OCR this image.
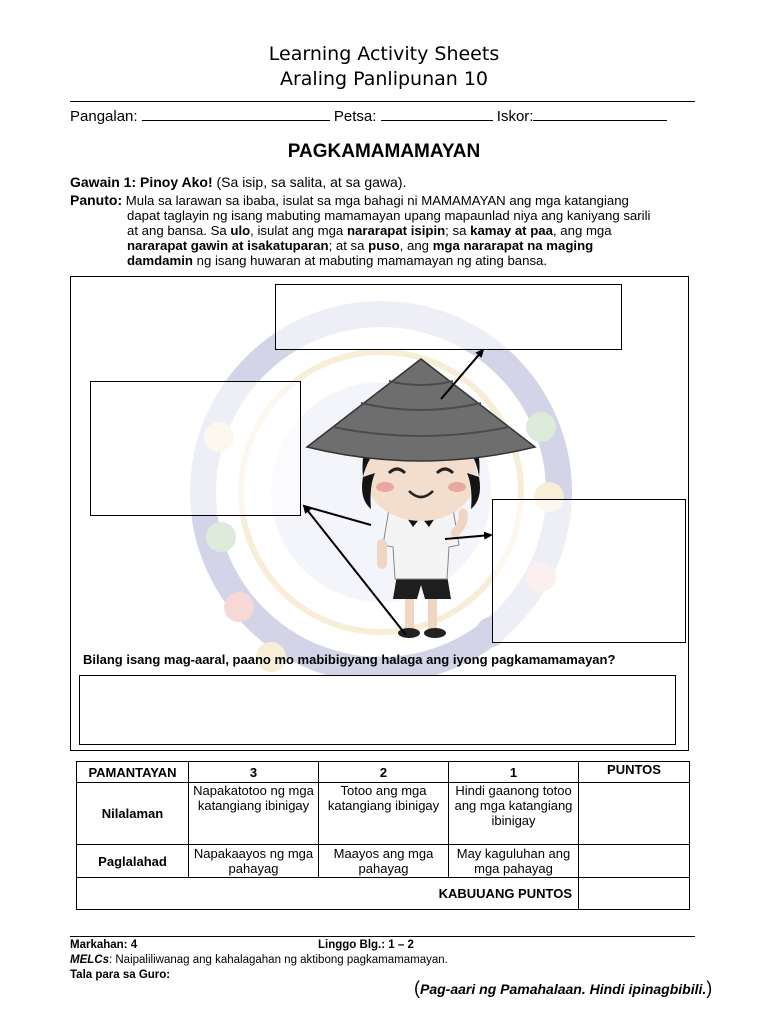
Learning Activity Sheets
Araling Panlipunan 10
Pangalan:	Petsa:	Iskor:
PAGKAMAMAMAYAN
Gawain 1: Pinoy Ako! (Sa isip, sa salita, at sa gawa).
Panuto: Mula sa larawan sa ibaba, isulat sa mga bahagi ni MAMAMAYAN ang mga katangiang
dapat taglayin ng isang mabuting mamamayan upang mapaunlad niya ang kaniyang sarili
at ang bansa. Sa ulo, isulat ang mga nararapat isipin; sa kamay at paa, ang mga
nararapat gawin at isakatuparan; at sa puso, ang mga nararapat na maging
damdamin ng isang huwaran at mabuting mamamayan ng ating bansa.
Bilang isang mag-aaral, paano mo mabibigyang halaga ang iyong pagkamamamayan?
PAMANTAYAN	3	2	1	PUNTOS
Nilalaman	Napakatotoo ng mga katangiang ibinigay	Totoo ang mga katangiang ibinigay	Hindi gaanong totoo ang mga katangiang ibinigay	
Paglalahad	Napakaayos ng mga pahayag	Maayos ang mga pahayag	May kaguluhan ang mga pahayag	
KABUUANG PUNTOS				
Markahan: 4	Linggo Blg.: 1 – 2
MELCs: Naipaliliwanag ang kahalagahan ng aktibong pagkamamamayan.
Tala para sa Guro:
(Pag-aari ng Pamahalaan. Hindi ipinagbibili.)
